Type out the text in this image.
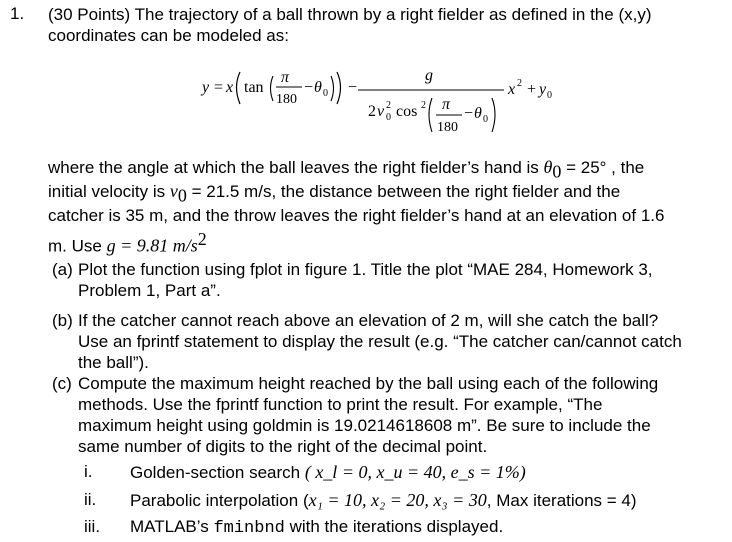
1. (30 Points) The trajectory of a ball thrown by a right fielder as defined in the (x,y)
coordinates can be modeled as:
y = x tan
π
180
− θ 0 −
g
2 v 2
0 cos 2 π
180
− θ 0
x 2 + y 0
where the angle at which the ball leaves the right fielder’s hand is $\theta_0 = 25^\circ$ , the
initial velocity is $v_0 = 21.5$ m/s, the distance between the right fielder and the
catcher is 35 m, and the throw leaves the right fielder’s hand at an elevation of 1.6
m. Use g = 9.81 $m/s^2$
(a) Plot the function using fplot in figure 1. Title the plot “MAE 284, Homework 3,
Problem 1, Part a”.
(b) If the catcher cannot reach above an elevation of 2 m, will she catch the ball?
Use an fprintf statement to display the result (e.g. “The catcher can/cannot catch
the ball”).
(c) Compute the maximum height reached by the ball using each of the following
methods. Use the fprintf function to print the result. For example, “The
maximum height using goldmin is 19.0214618608 m”. Be sure to include the
same number of digits to the right of the decimal point.
i. Golden-section search ( x_l = 0, x_u = 40, e_s = 1%)
ii. Parabolic interpolation (x₁ = 10, x₂ = 20, x₃ = 30, Max iterations = 4)
iii. MATLAB’s fminbnd with the iterations displayed.
